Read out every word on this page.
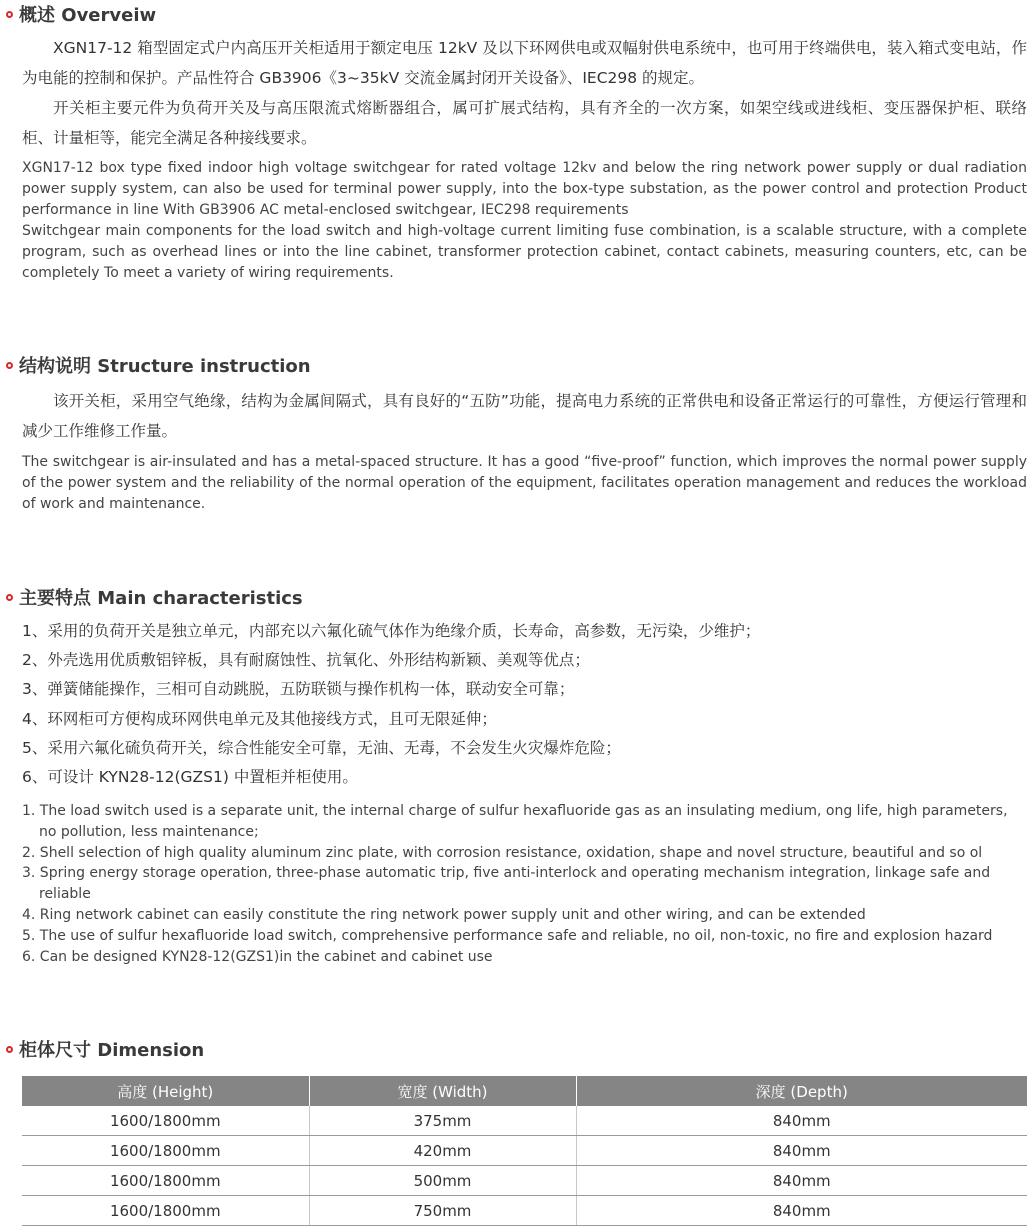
概述 Overveiw

XGN17-12 箱型固定式户内高压开关柜适用于额定电压 12kV 及以下环网供电或双幅射供电系统中，也可用于终端供电，装入箱式变电站，作为电能的控制和保护。产品性符合 GB3906《3~35kV 交流金属封闭开关设备》、IEC298 的规定。

开关柜主要元件为负荷开关及与高压限流式熔断器组合，属可扩展式结构，具有齐全的一次方案，如架空线或进线柜、变压器保护柜、联络柜、计量柜等，能完全满足各种接线要求。

XGN17-12 box type fixed indoor high voltage switchgear for rated voltage 12kv and below the ring network power supply or dual radiation power supply system, can also be used for terminal power supply, into the box-type substation, as the power control and protection Product performance in line With GB3906 AC metal-enclosed switchgear, IEC298 requirements

Switchgear main components for the load switch and high-voltage current limiting fuse combination, is a scalable structure, with a complete program, such as overhead lines or into the line cabinet, transformer protection cabinet, contact cabinets, measuring counters, etc, can be completely To meet a variety of wiring requirements.

结构说明 Structure instruction

该开关柜，采用空气绝缘，结构为金属间隔式，具有良好的“五防”功能，提高电力系统的正常供电和设备正常运行的可靠性，方便运行管理和减少工作维修工作量。

The switchgear is air-insulated and has a metal-spaced structure. It has a good “five-proof” function, which improves the normal power supply of the power system and the reliability of the normal operation of the equipment, facilitates operation management and reduces the workload of work and maintenance.

主要特点 Main characteristics
1、采用的负荷开关是独立单元，内部充以六氟化硫气体作为绝缘介质，长寿命，高参数，无污染，少维护；
2、外壳选用优质敷铝锌板，具有耐腐蚀性、抗氧化、外形结构新颖、美观等优点；
3、弹簧储能操作，三相可自动跳脱，五防联锁与操作机构一体，联动安全可靠；
4、环网柜可方便构成环网供电单元及其他接线方式，且可无限延伸；
5、采用六氟化硫负荷开关，综合性能安全可靠，无油、无毒，不会发生火灾爆炸危险；
6、可设计 KYN28-12(GZS1) 中置柜并柜使用。
1. The load switch used is a separate unit, the internal charge of sulfur hexafluoride gas as an insulating medium, ong life, high parameters, no pollution, less maintenance;
2. Shell selection of high quality aluminum zinc plate, with corrosion resistance, oxidation, shape and novel structure, beautiful and so ol
3. Spring energy storage operation, three-phase automatic trip, five anti-interlock and operating mechanism integration, linkage safe and reliable
4. Ring network cabinet can easily constitute the ring network power supply unit and other wiring, and can be extended
5. The use of sulfur hexafluoride load switch, comprehensive performance safe and reliable, no oil, non-toxic, no fire and explosion hazard
6. Can be designed KYN28-12(GZS1)in the cabinet and cabinet use
柜体尺寸 Dimension
高度 (Height)	宽度 (Width)	深度 (Depth)
1600/1800mm	375mm	840mm
1600/1800mm	420mm	840mm
1600/1800mm	500mm	840mm
1600/1800mm	750mm	840mm
